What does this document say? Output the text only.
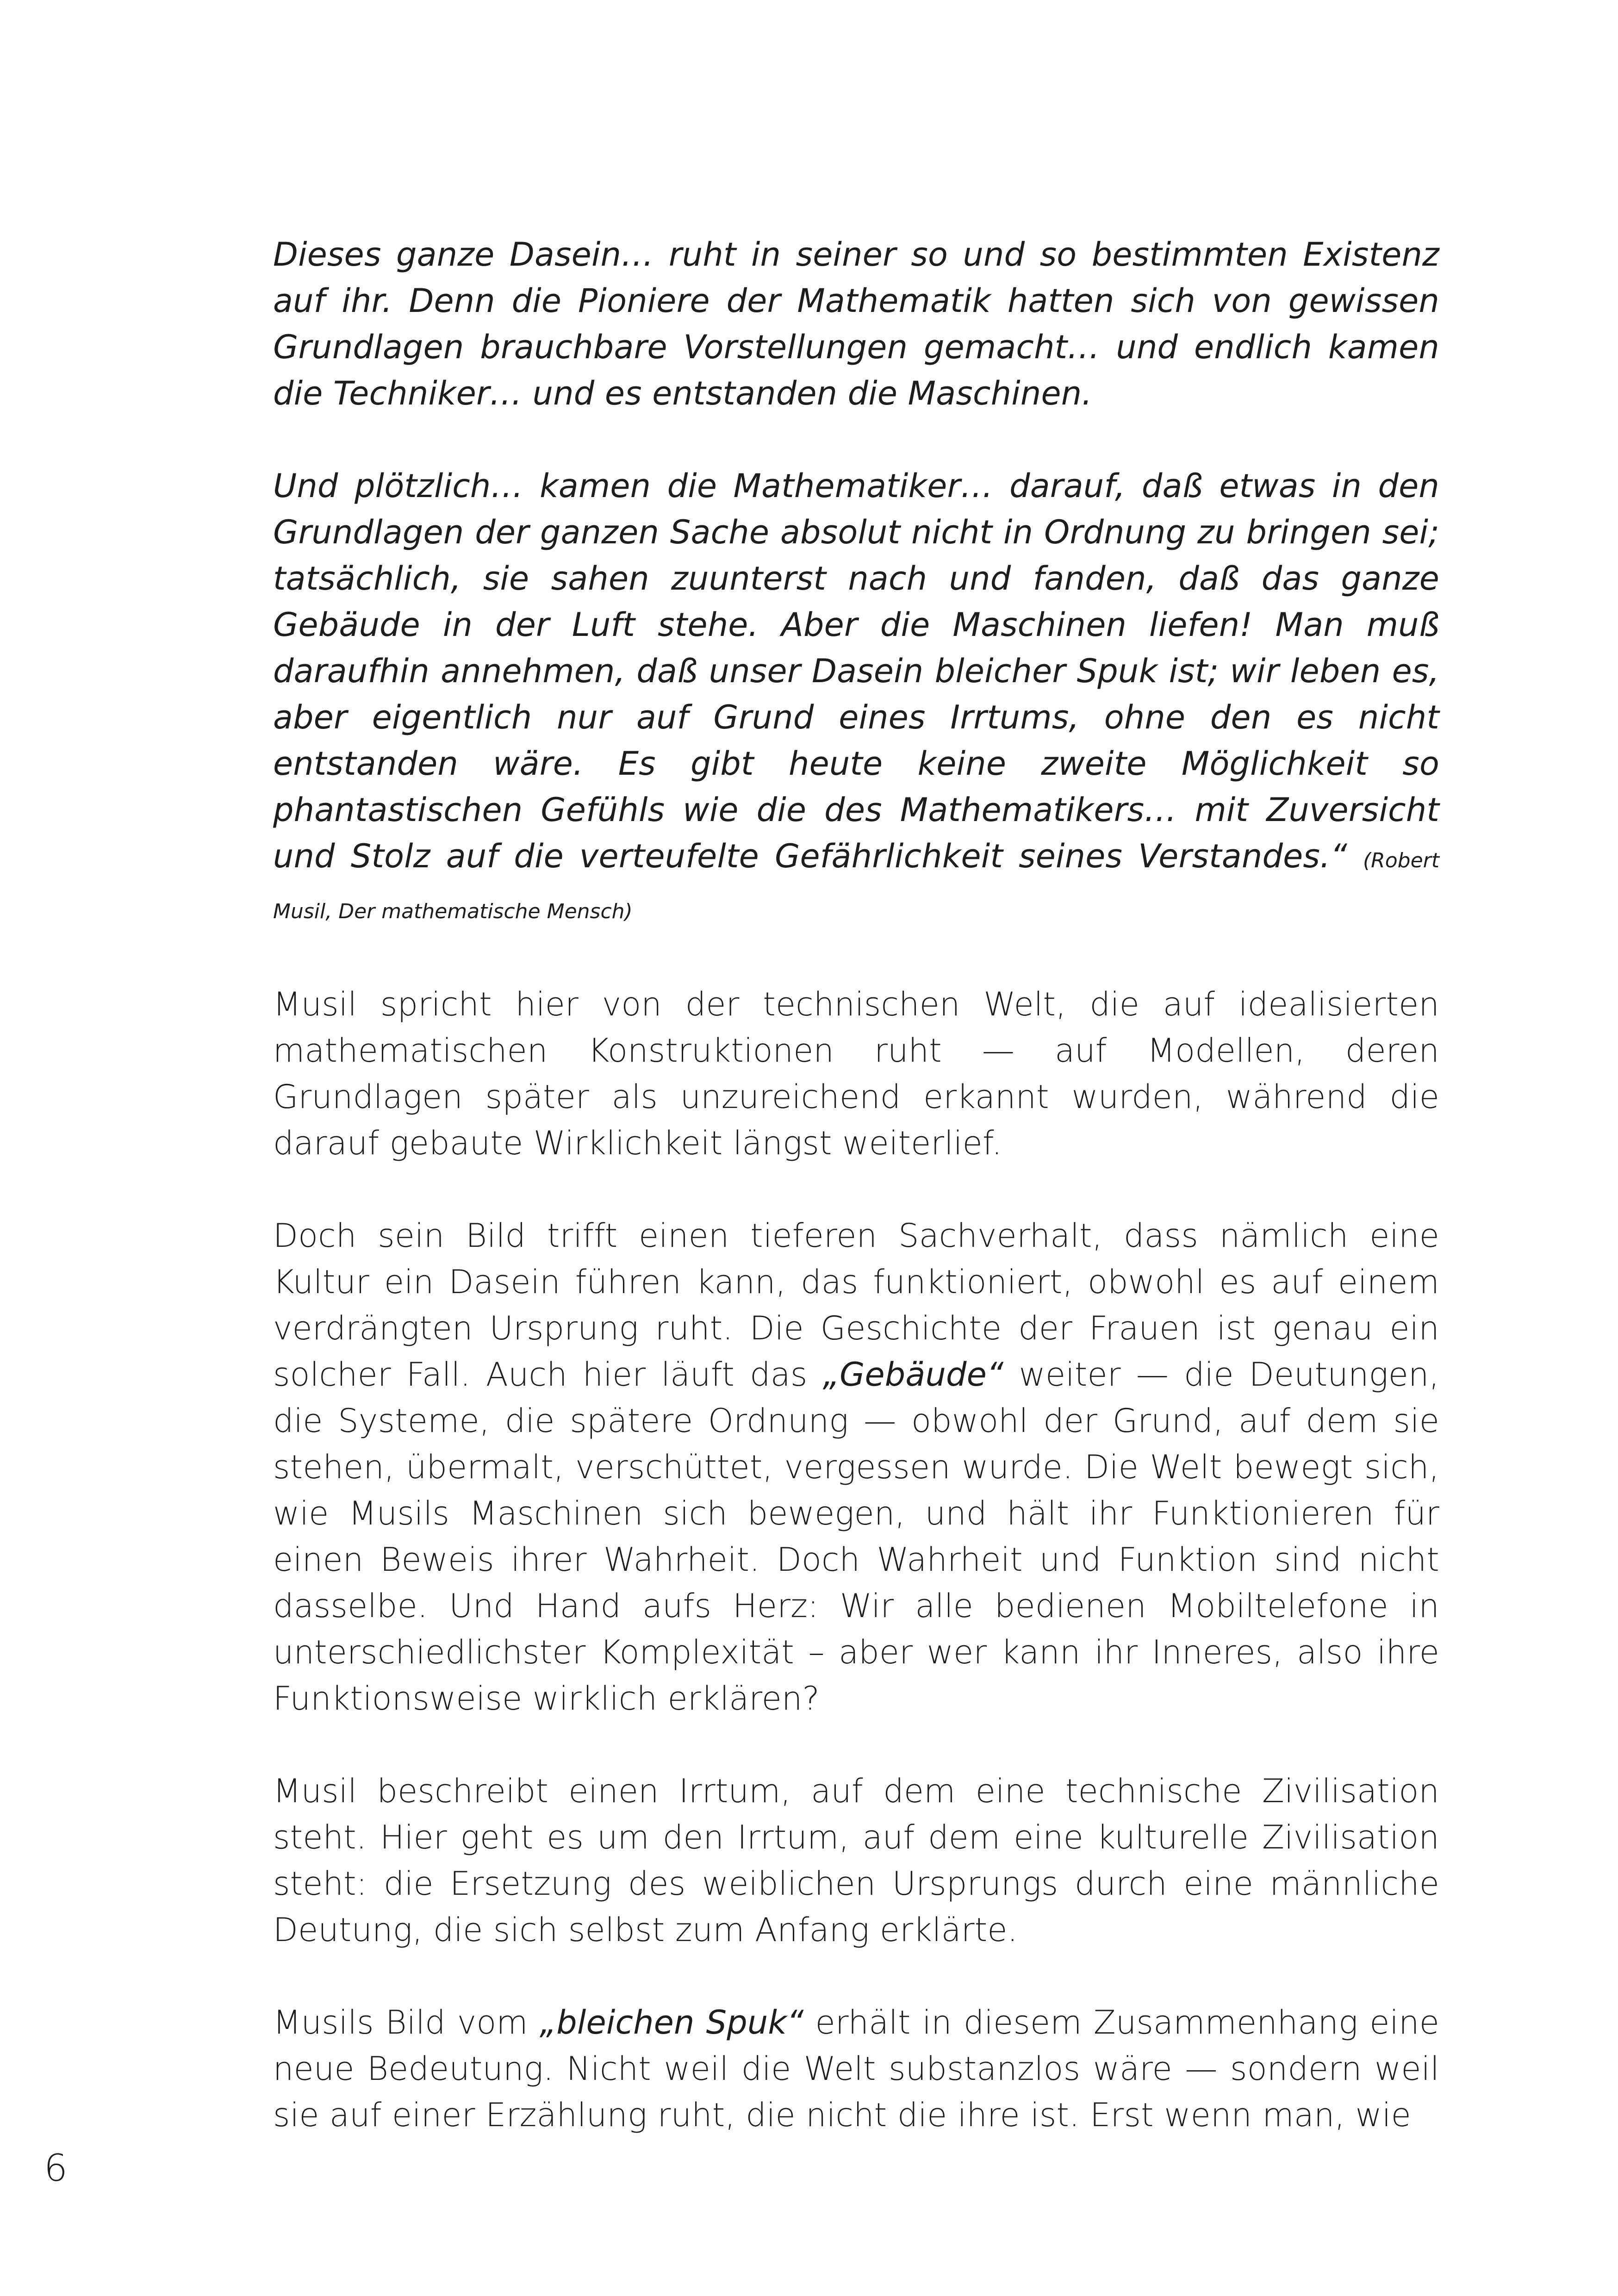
Dieses ganze Dasein… ruht in seiner so und so bestimmten Existenz auf ihr. Denn die Pioniere der Mathematik hatten sich von gewissen Grundlagen brauchbare Vorstellungen gemacht… und endlich kamen die Techniker… und es entstanden die Maschinen.

Und plötzlich… kamen die Mathematiker… darauf, daß etwas in den Grundlagen der ganzen Sache absolut nicht in Ordnung zu bringen sei; tatsächlich, sie sahen zuunterst nach und fanden, daß das ganze Gebäude in der Luft stehe. Aber die Maschinen liefen! Man muß daraufhin annehmen, daß unser Dasein bleicher Spuk ist; wir leben es, aber eigentlich nur auf Grund eines Irrtums, ohne den es nicht entstanden wäre. Es gibt heute keine zweite Möglichkeit so phantastischen Gefühls wie die des Mathematikers… mit Zuversicht und Stolz auf die verteufelte Gefährlichkeit seines Verstandes.“ (Robert Musil, Der mathematische Mensch)

Musil spricht hier von der technischen Welt, die auf idealisierten mathematischen Konstruktionen ruht — auf Modellen, deren Grundlagen später als unzureichend erkannt wurden, während die darauf gebaute Wirklichkeit längst weiterlief.

Doch sein Bild trifft einen tieferen Sachverhalt, dass nämlich eine Kultur ein Dasein führen kann, das funktioniert, obwohl es auf einem verdrängten Ursprung ruht. Die Geschichte der Frauen ist genau ein solcher Fall. Auch hier läuft das „Gebäude“ weiter — die Deutungen, die Systeme, die spätere Ordnung — obwohl der Grund, auf dem sie stehen, übermalt, verschüttet, vergessen wurde. Die Welt bewegt sich, wie Musils Maschinen sich bewegen, und hält ihr Funktionieren für einen Beweis ihrer Wahrheit. Doch Wahrheit und Funktion sind nicht dasselbe. Und Hand aufs Herz: Wir alle bedienen Mobiltelefone in unterschiedlichster Komplexität – aber wer kann ihr Inneres, also ihre Funktionsweise wirklich erklären?

Musil beschreibt einen Irrtum, auf dem eine technische Zivilisation steht. Hier geht es um den Irrtum, auf dem eine kulturelle Zivilisation steht: die Ersetzung des weiblichen Ursprungs durch eine männliche Deutung, die sich selbst zum Anfang erklärte.

Musils Bild vom „bleichen Spuk“ erhält in diesem Zusammenhang eine neue Bedeutung. Nicht weil die Welt substanzlos wäre — sondern weil sie auf einer Erzählung ruht, die nicht die ihre ist. Erst wenn man, wie

6
